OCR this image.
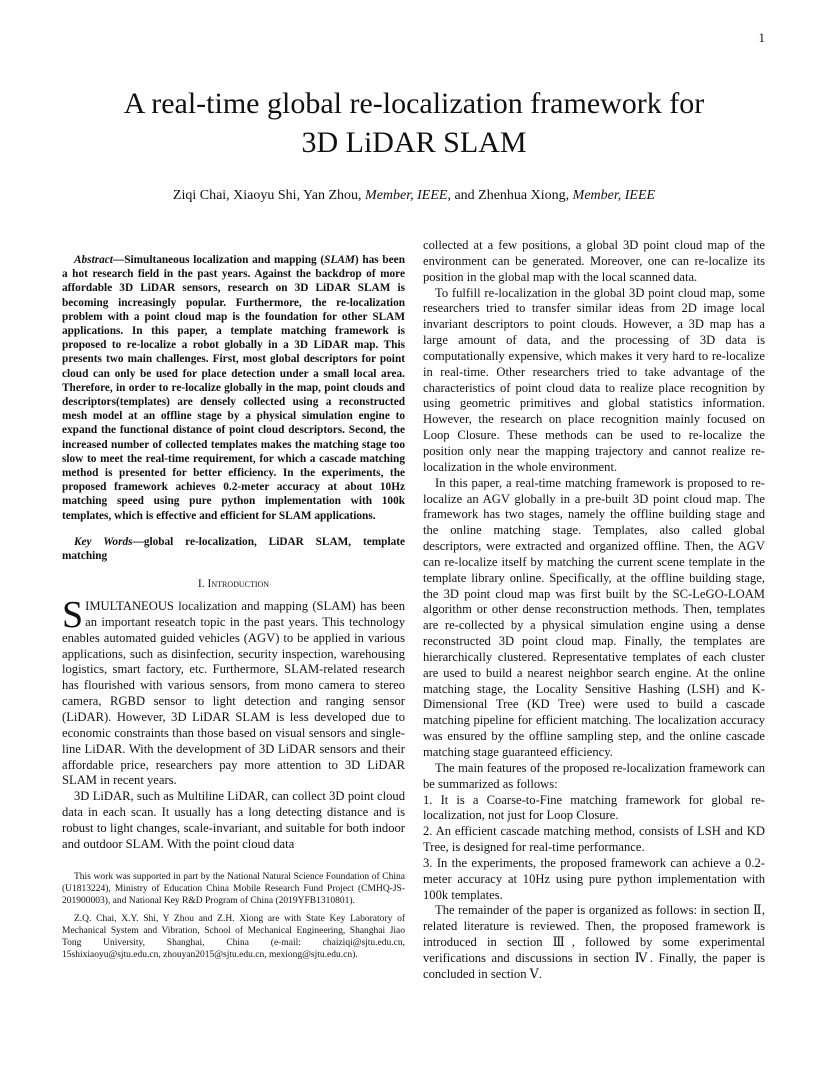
1
A real-time global re-localization framework for
3D LiDAR SLAM
Ziqi Chai, Xiaoyu Shi, Yan Zhou, Member, IEEE, and Zhenhua Xiong, Member, IEEE

Abstract—Simultaneous localization and mapping (SLAM) has been a hot research field in the past years. Against the backdrop of more affordable 3D LiDAR sensors, research on 3D LiDAR SLAM is becoming increasingly popular. Furthermore, the re-localization problem with a point cloud map is the foundation for other SLAM applications. In this paper, a template matching framework is proposed to re-localize a robot globally in a 3D LiDAR map. This presents two main challenges. First, most global descriptors for point cloud can only be used for place detection under a small local area. Therefore, in order to re-localize globally in the map, point clouds and descriptors(templates) are densely collected using a reconstructed mesh model at an offline stage by a physical simulation engine to expand the functional distance of point cloud descriptors. Second, the increased number of collected templates makes the matching stage too slow to meet the real-time requirement, for which a cascade matching method is presented for better efficiency. In the experiments, the proposed framework achieves 0.2-meter accuracy at about 10Hz matching speed using pure python implementation with 100k templates, which is effective and efficient for SLAM applications.

Key Words—global re-localization, LiDAR SLAM, template matching

I. Introduction

SIMULTANEOUS localization and mapping (SLAM) has been an important reseatch topic in the past years. This technology enables automated guided vehicles (AGV) to be applied in various applications, such as disinfection, security inspection, warehousing logistics, smart factory, etc. Furthermore, SLAM-related research has flourished with various sensors, from mono camera to stereo camera, RGBD sensor to light detection and ranging sensor (LiDAR). However, 3D LiDAR SLAM is less developed due to economic constraints than those based on visual sensors and single-line LiDAR. With the development of 3D LiDAR sensors and their affordable price, researchers pay more attention to 3D LiDAR SLAM in recent years.

3D LiDAR, such as Multiline LiDAR, can collect 3D point cloud data in each scan. It usually has a long detecting distance and is robust to light changes, scale-invariant, and suitable for both indoor and outdoor SLAM. With the point cloud data

This work was supported in part by the National Natural Science Foundation of China (U1813224), Ministry of Education China Mobile Research Fund Project (CMHQ-JS-201900003), and National Key R&D Program of China (2019YFB1310801).

Z.Q. Chai, X.Y. Shi, Y Zhou and Z.H. Xiong are with State Key Laboratory of Mechanical System and Vibration, School of Mechanical Engineering, Shanghai Jiao Tong University, Shanghai, China (e-mail: chaiziqi@sjtu.edu.cn, 15shixiaoyu@sjtu.edu.cn, zhouyan2015@sjtu.edu.cn, mexiong@sjtu.edu.cn).

collected at a few positions, a global 3D point cloud map of the environment can be generated. Moreover, one can re-localize its position in the global map with the local scanned data.

To fulfill re-localization in the global 3D point cloud map, some researchers tried to transfer similar ideas from 2D image local invariant descriptors to point clouds. However, a 3D map has a large amount of data, and the processing of 3D data is computationally expensive, which makes it very hard to re-localize in real-time. Other researchers tried to take advantage of the characteristics of point cloud data to realize place recognition by using geometric primitives and global statistics information. However, the research on place recognition mainly focused on Loop Closure. These methods can be used to re-localize the position only near the mapping trajectory and cannot realize re-localization in the whole environment.

In this paper, a real-time matching framework is proposed to re-localize an AGV globally in a pre-built 3D point cloud map. The framework has two stages, namely the offline building stage and the online matching stage. Templates, also called global descriptors, were extracted and organized offline. Then, the AGV can re-localize itself by matching the current scene template in the template library online. Specifically, at the offline building stage, the 3D point cloud map was first built by the SC-LeGO-LOAM algorithm or other dense reconstruction methods. Then, templates are re-collected by a physical simulation engine using a dense reconstructed 3D point cloud map. Finally, the templates are hierarchically clustered. Representative templates of each cluster are used to build a nearest neighbor search engine. At the online matching stage, the Locality Sensitive Hashing (LSH) and K-Dimensional Tree (KD Tree) were used to build a cascade matching pipeline for efficient matching. The localization accuracy was ensured by the offline sampling step, and the online cascade matching stage guaranteed efficiency.

The main features of the proposed re-localization framework can be summarized as follows:

1. It is a Coarse-to-Fine matching framework for global re-localization, not just for Loop Closure.

2. An efficient cascade matching method, consists of LSH and KD Tree, is designed for real-time performance.

3. In the experiments, the proposed framework can achieve a 0.2-meter accuracy at 10Hz using pure python implementation with 100k templates.

The remainder of the paper is organized as follows: in section Ⅱ, related literature is reviewed. Then, the proposed framework is introduced in section Ⅲ, followed by some experimental verifications and discussions in section Ⅳ. Finally, the paper is concluded in section Ⅴ.
